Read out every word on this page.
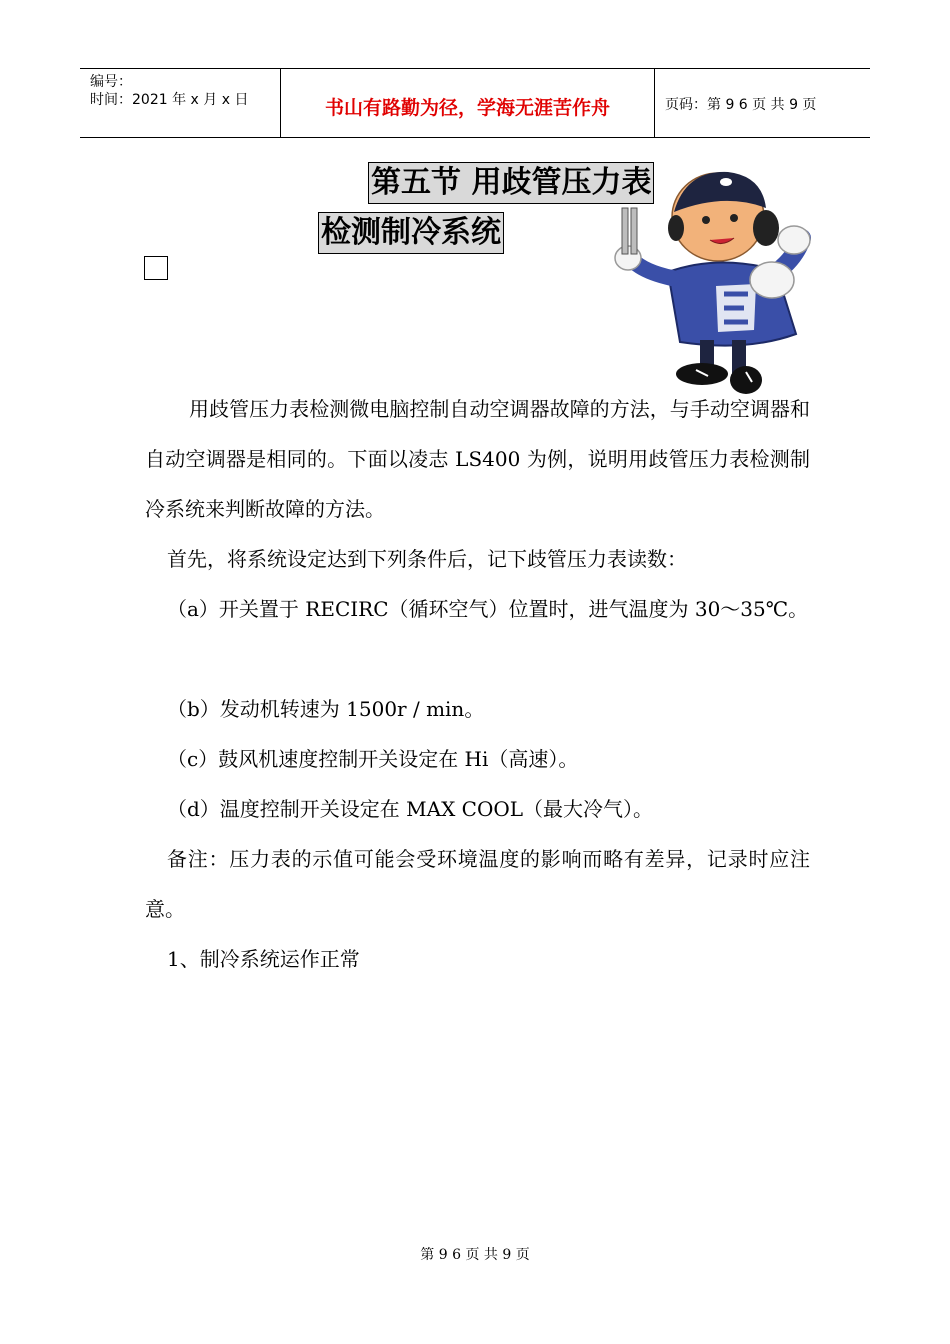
编号：
时间：2021 年 x 月 x 日	书山有路勤为径，学海无涯苦作舟	页码：第 9 6 页 共 9 页
第五节 用歧管压力表
检测制冷系统
用歧管压力表检测微电脑控制自动空调器故障的方法，与手动空调器和自动空调器是相同的。下面以凌志 LS400 为例，说明用歧管压力表检测制冷系统来判断故障的方法。
首先，将系统设定达到下列条件后，记下歧管压力表读数：
（a）开关置于 RECIRC（循环空气）位置时，进气温度为 30～35℃。
（b）发动机转速为 1500r / min。
（c）鼓风机速度控制开关设定在 Hi（高速）。
（d）温度控制开关设定在 MAX COOL（最大冷气）。
备注：压力表的示值可能会受环境温度的影响而略有差异，记录时应注意。
1、制冷系统运作正常
第 9 6 页 共 9 页
